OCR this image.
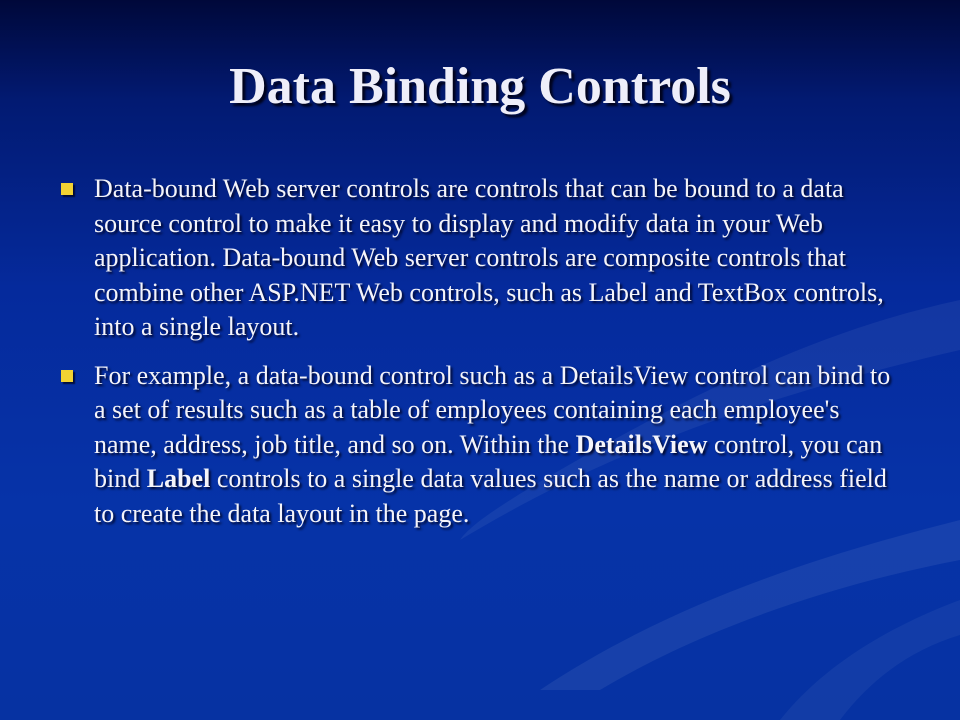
Data Binding Controls
Data-bound Web server controls are controls that can be bound to a data source control to make it easy to display and modify data in your Web application. Data-bound Web server controls are composite controls that combine other ASP.NET Web controls, such as Label and TextBox controls, into a single layout.
For example, a data-bound control such as a DetailsView control can bind to a set of results such as a table of employees containing each employee's name, address, job title, and so on. Within the DetailsView control, you can bind Label controls to a single data values such as the name or address field to create the data layout in the page.
